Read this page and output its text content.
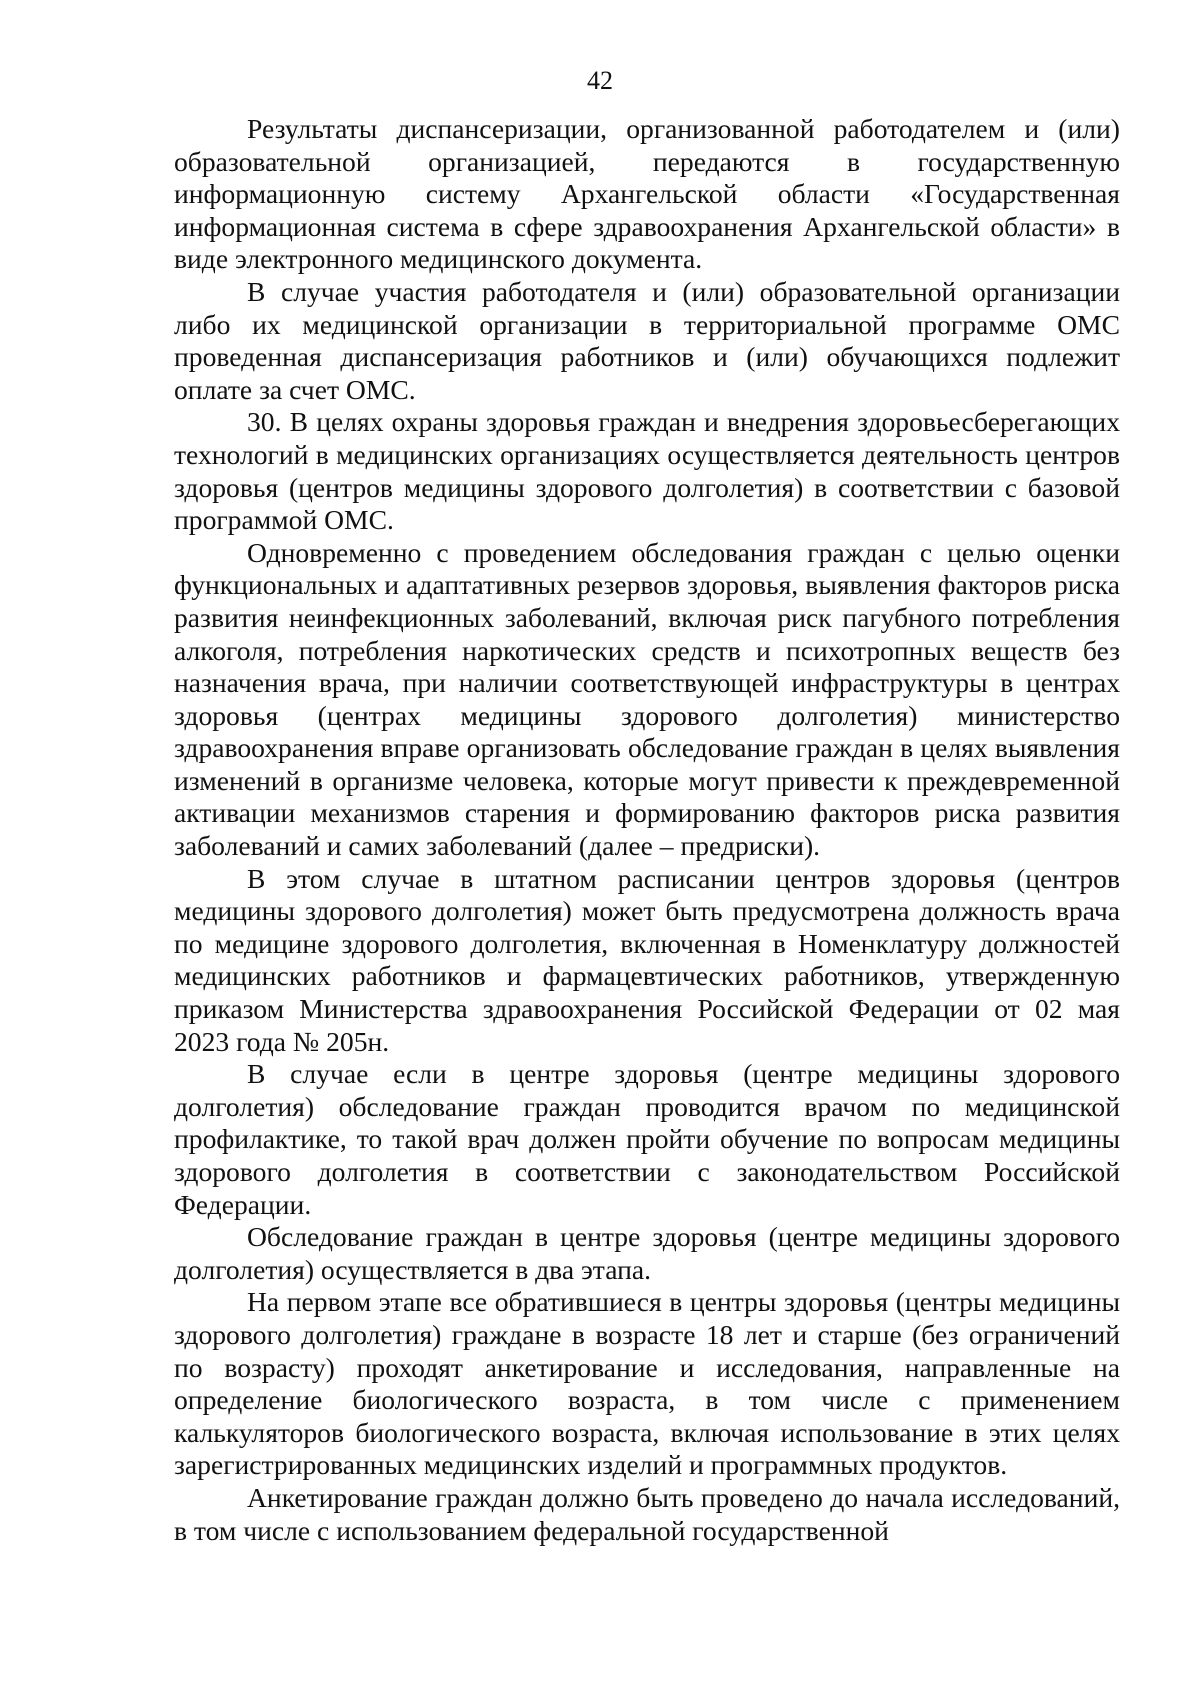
42

Результаты диспансеризации, организованной работодателем и (или) образовательной организацией, передаются в государственную информационную систему Архангельской области «Государственная информационная система в сфере здравоохранения Архангельской области» в виде электронного медицинского документа.

В случае участия работодателя и (или) образовательной организации либо их медицинской организации в территориальной программе ОМС проведенная диспансеризация работников и (или) обучающихся подлежит оплате за счет ОМС.

30. В целях охраны здоровья граждан и внедрения здоровьесберегающих технологий в медицинских организациях осуществляется деятельность центров здоровья (центров медицины здорового долголетия) в соответствии с базовой программой ОМС.

Одновременно с проведением обследования граждан с целью оценки функциональных и адаптативных резервов здоровья, выявления факторов риска развития неинфекционных заболеваний, включая риск пагубного потребления алкоголя, потребления наркотических средств и психотропных веществ без назначения врача, при наличии соответствующей инфраструктуры в центрах здоровья (центрах медицины здорового долголетия) министерство здравоохранения вправе организовать обследование граждан в целях выявления изменений в организме человека, которые могут привести к преждевременной активации механизмов старения и формированию факторов риска развития заболеваний и самих заболеваний (далее – предриски).

В этом случае в штатном расписании центров здоровья (центров медицины здорового долголетия) может быть предусмотрена должность врача по медицине здорового долголетия, включенная в Номенклатуру должностей медицинских работников и фармацевтических работников, утвержденную приказом Министерства здравоохранения Российской Федерации от 02 мая 2023 года № 205н.

В случае если в центре здоровья (центре медицины здорового долголетия) обследование граждан проводится врачом по медицинской профилактике, то такой врач должен пройти обучение по вопросам медицины здорового долголетия в соответствии с законодательством Российской Федерации.

Обследование граждан в центре здоровья (центре медицины здорового долголетия) осуществляется в два этапа.

На первом этапе все обратившиеся в центры здоровья (центры медицины здорового долголетия) граждане в возрасте 18 лет и старше (без ограничений по возрасту) проходят анкетирование и исследования, направленные на определение биологического возраста, в том числе с применением калькуляторов биологического возраста, включая использование в этих целях зарегистрированных медицинских изделий и программных продуктов.

Анкетирование граждан должно быть проведено до начала исследований, в том числе с использованием федеральной государственной
